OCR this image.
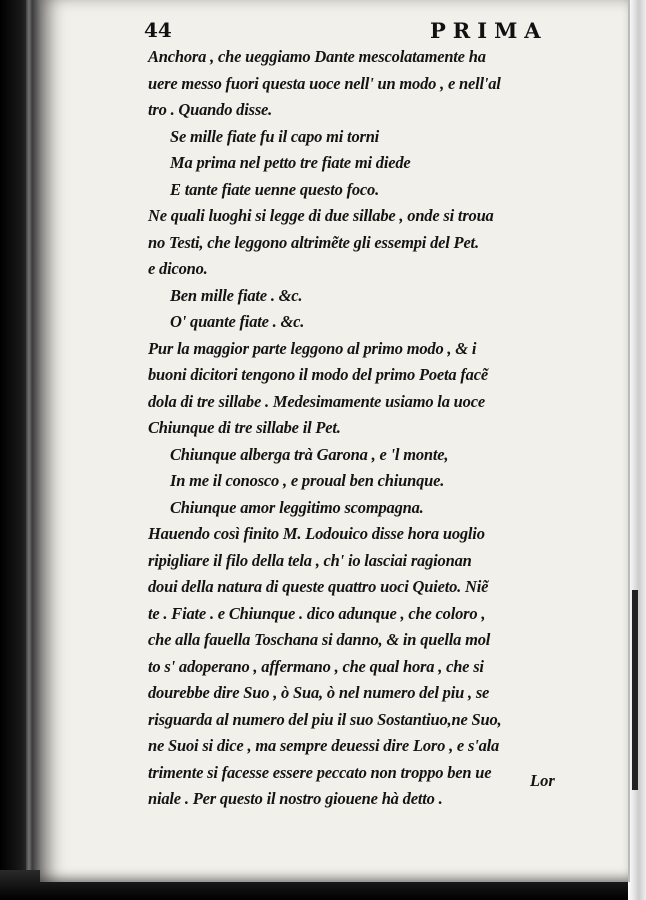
44	PRIMA
Anchora , che ueggiamo Dante mescolatamente ha
uere messo fuori questa uoce nell' un modo , e nell'al
tro . Quando disse.
Se mille fiate fu il capo mi torni
Ma prima nel petto tre fiate mi diede
E tante fiate uenne questo foco.
Ne quali luoghi si legge di due sillabe , onde si troua
no Testi, che leggono altrimẽte gli essempi del Pet.
e dicono.
Ben mille fiate . &c.
O' quante fiate . &c.
Pur la maggior parte leggono al primo modo , & i
buoni dicitori tengono il modo del primo Poeta facẽ
dola di tre sillabe . Medesimamente usiamo la uoce
Chiunque di tre sillabe il Pet.
Chiunque alberga trà Garona , e 'l monte,
In me il conosco , e proual ben chiunque.
Chiunque amor leggitimo scompagna.
Hauendo così finito M. Lodouico disse hora uoglio
ripigliare il filo della tela , ch' io lasciai ragionan
doui della natura di queste quattro uoci Quieto. Niẽ
te . Fiate . e Chiunque . dico adunque , che coloro ,
che alla fauella Toschana si danno, & in quella mol
to s' adoperano , affermano , che qual hora , che si
dourebbe dire Suo , ò Sua, ò nel numero del piu , se
risguarda al numero del piu il suo Sostantiuo,ne Suo,
ne Suoi si dice , ma sempre deuessi dire Loro , e s'ala
trimente si facesse essere peccato non troppo ben ue
niale . Per questo il nostro giouene hà detto .
Lor
